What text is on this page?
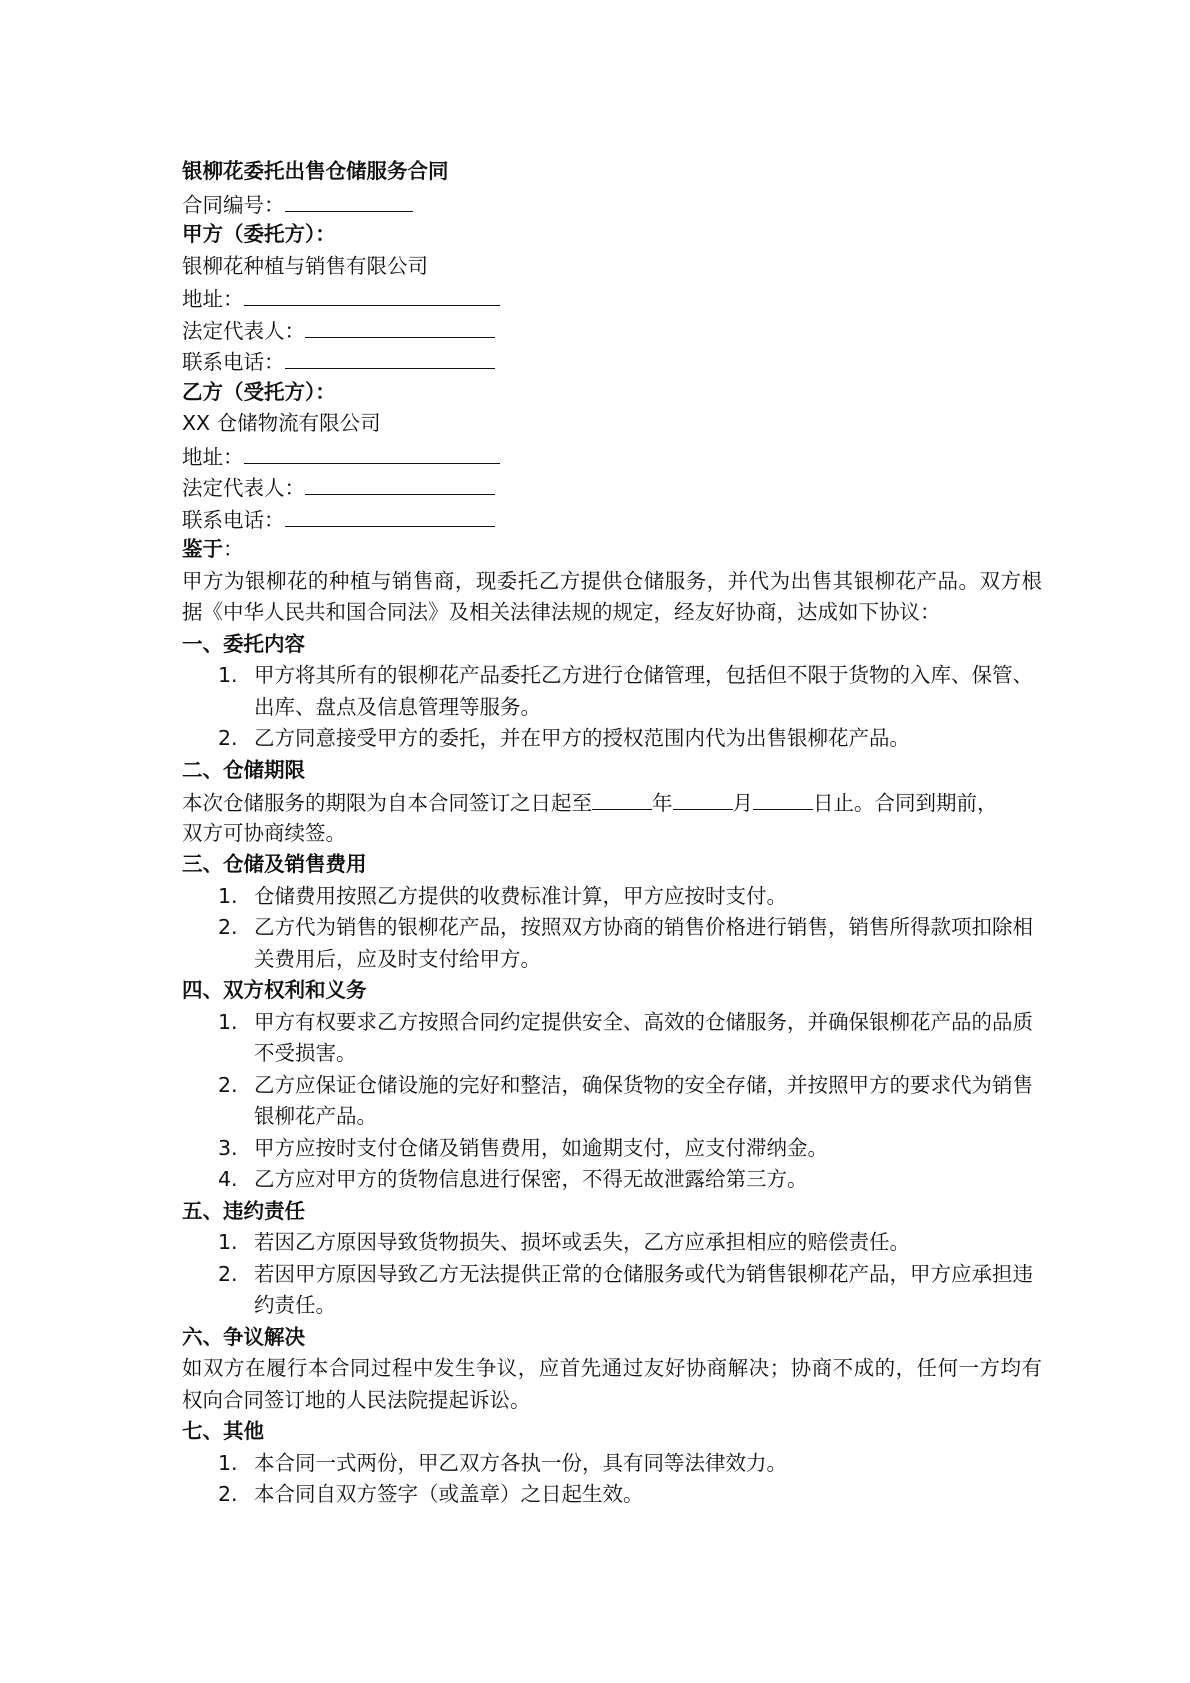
银柳花委托出售仓储服务合同
合同编号：
甲方（委托方）：
银柳花种植与销售有限公司
地址：
法定代表人：
联系电话：
乙方（受托方）：
XX 仓储物流有限公司
地址：
法定代表人：
联系电话：
鉴于：
甲方为银柳花的种植与销售商，现委托乙方提供仓储服务，并代为出售其银柳花产品。双方根据《中华人民共和国合同法》及相关法律法规的规定，经友好协商，达成如下协议：
一、委托内容
1. 甲方将其所有的银柳花产品委托乙方进行仓储管理，包括但不限于货物的入库、保管、出库、盘点及信息管理等服务。
2. 乙方同意接受甲方的委托，并在甲方的授权范围内代为出售银柳花产品。
二、仓储期限
本次仓储服务的期限为自本合同签订之日起至	年	月	日止。合同到期前，
双方可协商续签。
三、仓储及销售费用
1. 仓储费用按照乙方提供的收费标准计算，甲方应按时支付。
2. 乙方代为销售的银柳花产品，按照双方协商的销售价格进行销售，销售所得款项扣除相关费用后，应及时支付给甲方。
四、双方权利和义务
1. 甲方有权要求乙方按照合同约定提供安全、高效的仓储服务，并确保银柳花产品的品质不受损害。
2. 乙方应保证仓储设施的完好和整洁，确保货物的安全存储，并按照甲方的要求代为销售银柳花产品。
3. 甲方应按时支付仓储及销售费用，如逾期支付，应支付滞纳金。
4. 乙方应对甲方的货物信息进行保密，不得无故泄露给第三方。
五、违约责任
1. 若因乙方原因导致货物损失、损坏或丢失，乙方应承担相应的赔偿责任。
2. 若因甲方原因导致乙方无法提供正常的仓储服务或代为销售银柳花产品，甲方应承担违约责任。
六、争议解决
如双方在履行本合同过程中发生争议，应首先通过友好协商解决；协商不成的，任何一方均有权向合同签订地的人民法院提起诉讼。
七、其他
1. 本合同一式两份，甲乙双方各执一份，具有同等法律效力。
2. 本合同自双方签字（或盖章）之日起生效。
